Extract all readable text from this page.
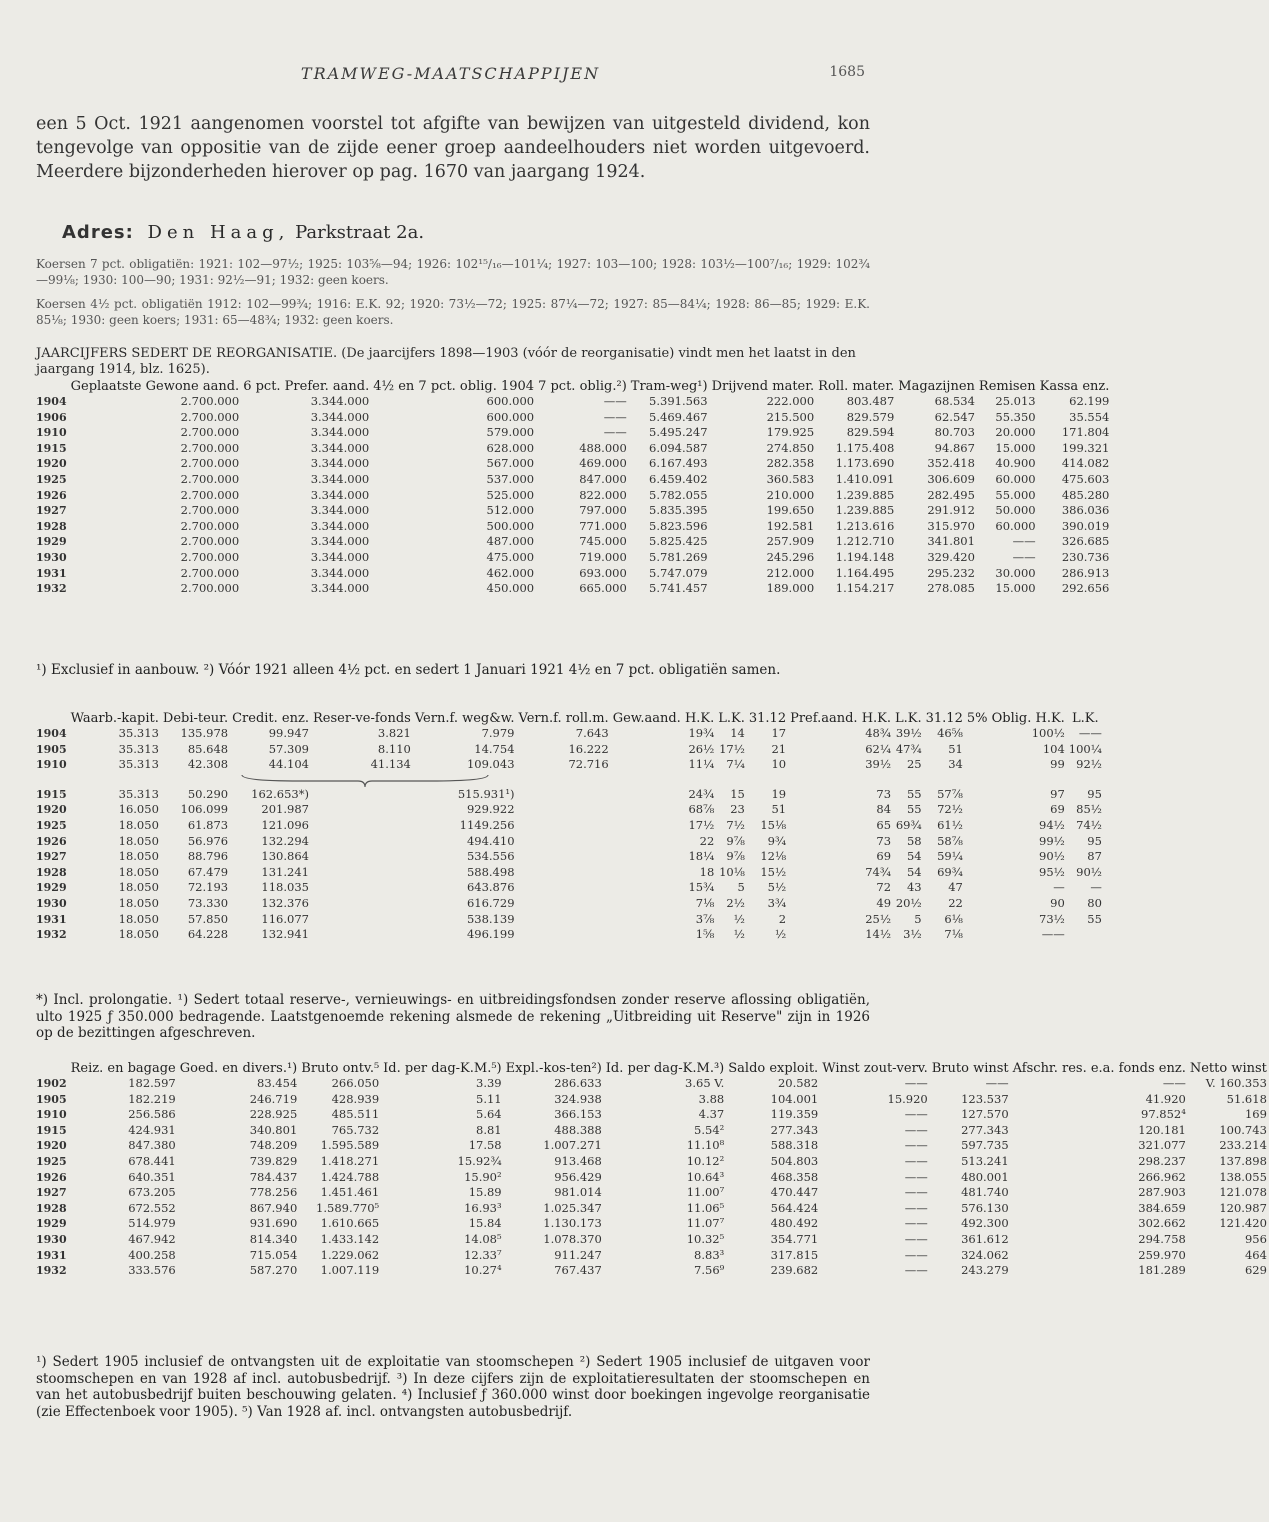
TRAMWEG-MAATSCHAPPIJEN	1685

een 5 Oct. 1921 aangenomen voorstel tot afgifte van bewijzen van uitgesteld dividend, kon tengevolge van oppositie van de zijde eener groep aandeelhouders niet worden uitgevoerd. Meerdere bijzonderheden hierover op pag. 1670 van jaargang 1924.

Adres: Den Haag, Parkstraat 2a.
Koersen 7 pct. obligatiën: 1921: 102—97½; 1925: 103⅝—94; 1926: 102¹⁵/₁₆—101¼; 1927: 103—100; 1928: 103½—100⁷/₁₆; 1929: 102¾—99⅛; 1930: 100—90; 1931: 92½—91; 1932: geen koers.
Koersen 4½ pct. obligatiën 1912: 102—99¾; 1916: E.K. 92; 1920: 73½—72; 1925: 87¼—72; 1927: 85—84¼; 1928: 86—85; 1929: E.K. 85⅛; 1930: geen koers; 1931: 65—48¾; 1932: geen koers.
JAARCIJFERS SEDERT DE REORGANISATIE. (De jaarcijfers 1898—1903 (vóór de reorganisatie) vindt men het laatst in den jaargang 1914, blz. 1625).
	Geplaatste Gewone aand.	6 pct. Prefer. aand.	4½ en 7 pct. oblig. 1904	7 pct. oblig.²)	Tram-weg¹)	Drijvend mater.	Roll. mater.	Magazijnen	Remisen	Kassa enz.
1904	2.700.000	3.344.000	600.000	——	5.391.563	222.000	803.487	68.534	25.013	62.199
1906	2.700.000	3.344.000	600.000	——	5.469.467	215.500	829.579	62.547	55.350	35.554
1910	2.700.000	3.344.000	579.000	——	5.495.247	179.925	829.594	80.703	20.000	171.804
1915	2.700.000	3.344.000	628.000	488.000	6.094.587	274.850	1.175.408	94.867	15.000	199.321
1920	2.700.000	3.344.000	567.000	469.000	6.167.493	282.358	1.173.690	352.418	40.900	414.082
1925	2.700.000	3.344.000	537.000	847.000	6.459.402	360.583	1.410.091	306.609	60.000	475.603
1926	2.700.000	3.344.000	525.000	822.000	5.782.055	210.000	1.239.885	282.495	55.000	485.280
1927	2.700.000	3.344.000	512.000	797.000	5.835.395	199.650	1.239.885	291.912	50.000	386.036
1928	2.700.000	3.344.000	500.000	771.000	5.823.596	192.581	1.213.616	315.970	60.000	390.019
1929	2.700.000	3.344.000	487.000	745.000	5.825.425	257.909	1.212.710	341.801	——	326.685
1930	2.700.000	3.344.000	475.000	719.000	5.781.269	245.296	1.194.148	329.420	——	230.736
1931	2.700.000	3.344.000	462.000	693.000	5.747.079	212.000	1.164.495	295.232	30.000	286.913
1932	2.700.000	3.344.000	450.000	665.000	5.741.457	189.000	1.154.217	278.085	15.000	292.656
¹) Exclusief in aanbouw. ²) Vóór 1921 alleen 4½ pct. en sedert 1 Januari 1921 4½ en 7 pct. obligatiën samen.
	Waarb.-kapit.	Debi-teur.	Credit. enz.	Reser-ve-fonds	Vern.f. weg&w.	Vern.f. roll.m.	Gew.aand. H.K.	L.K.	31.12	Pref.aand. H.K.	L.K.	31.12	5% Oblig. H.K.	L.K.
1904	35.313	135.978	99.947	3.821	7.979	7.643	19¾	14	17	48¾	39½	46⅝	100½	——
1905	35.313	85.648	57.309	8.110	14.754	16.222	26½	17½	21	62¼	47¾	51	104	100¼
1910	35.313	42.308	44.104	41.134	109.043	72.716	11¼	7¼	10	39½	25	34	99	92½
1915	35.313	50.290	162.653*)		515.931¹)		24¾	15	19	73	55	57⅞	97	95
1920	16.050	106.099	201.987		929.922		68⅞	23	51	84	55	72½	69	85½
1925	18.050	61.873	121.096		1149.256		17½	7½	15⅛	65	69¾	61½	94½	74½
1926	18.050	56.976	132.294		494.410		22	9⅞	9¾	73	58	58⅞	99½	95
1927	18.050	88.796	130.864		534.556		18¼	9⅞	12⅛	69	54	59¼	90½	87
1928	18.050	67.479	131.241		588.498		18	10⅛	15½	74¾	54	69¾	95½	90½
1929	18.050	72.193	118.035		643.876		15¾	5	5½	72	43	47	—	—
1930	18.050	73.330	132.376		616.729		7⅛	2½	3¾	49	20½	22	90	80
1931	18.050	57.850	116.077		538.139		3⅞	½	2	25½	5	6⅛	73½	55
1932	18.050	64.228	132.941		496.199		1⅝	½	½	14½	3½	7⅛	——	
*) Incl. prolongatie. ¹) Sedert totaal reserve-, vernieuwings- en uitbreidingsfondsen zonder reserve aflossing obligatiën, ulto 1925 ƒ 350.000 bedragende. Laatstgenoemde rekening alsmede de rekening „Uitbreiding uit Reserve" zijn in 1926 op de bezittingen afgeschreven.
	Reiz. en bagage	Goed. en divers.¹)	Bruto ontv.⁵	Id. per dag-K.M.⁵)	Expl.-kos-ten²)	Id. per dag-K.M.³)	Saldo exploit.	Winst zout-verv.	Bruto winst	Afschr. res. e.a. fonds enz.	Netto winst
1902	182.597	83.454	266.050	3.39	286.633	3.65 V.	20.582	——	——	——	V. 160.353
1905	182.219	246.719	428.939	5.11	324.938	3.88	104.001	15.920	123.537	41.920	51.618
1910	256.586	228.925	485.511	5.64	366.153	4.37	119.359	——	127.570	97.852⁴	169
1915	424.931	340.801	765.732	8.81	488.388	5.54²	277.343	——	277.343	120.181	100.743
1920	847.380	748.209	1.595.589	17.58	1.007.271	11.10⁸	588.318	——	597.735	321.077	233.214
1925	678.441	739.829	1.418.271	15.92¾	913.468	10.12²	504.803	——	513.241	298.237	137.898
1926	640.351	784.437	1.424.788	15.90²	956.429	10.64³	468.358	——	480.001	266.962	138.055
1927	673.205	778.256	1.451.461	15.89	981.014	11.00⁷	470.447	——	481.740	287.903	121.078
1928	672.552	867.940	1.589.770⁵	16.93³	1.025.347	11.06⁵	564.424	——	576.130	384.659	120.987
1929	514.979	931.690	1.610.665	15.84	1.130.173	11.07⁷	480.492	——	492.300	302.662	121.420
1930	467.942	814.340	1.433.142	14.08⁵	1.078.370	10.32⁵	354.771	——	361.612	294.758	956
1931	400.258	715.054	1.229.062	12.33⁷	911.247	8.83³	317.815	——	324.062	259.970	464
1932	333.576	587.270	1.007.119	10.27⁴	767.437	7.56⁹	239.682	——	243.279	181.289	629
¹) Sedert 1905 inclusief de ontvangsten uit de exploitatie van stoomschepen ²) Sedert 1905 inclusief de uitgaven voor stoomschepen en van 1928 af incl. autobusbedrijf. ³) In deze cijfers zijn de exploitatieresultaten der stoomschepen en van het autobusbedrijf buiten beschouwing gelaten. ⁴) Inclusief ƒ 360.000 winst door boekingen ingevolge reorganisatie (zie Effectenboek voor 1905). ⁵) Van 1928 af. incl. ontvangsten autobusbedrijf.
